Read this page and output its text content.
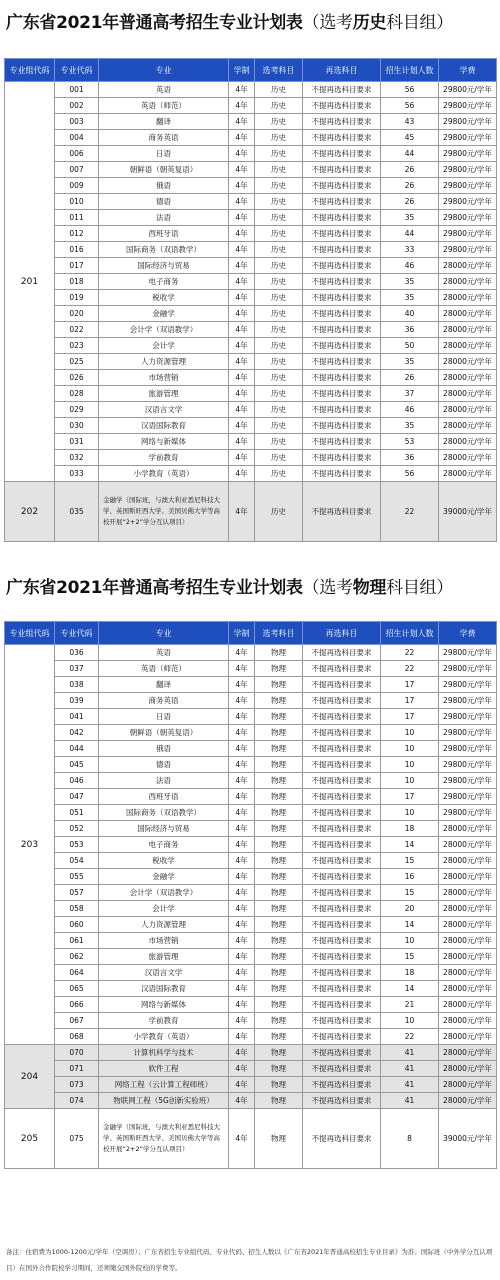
广东省2021年普通高考招生专业计划表（选考历史科目组）
专业组代码	专业代码	专业	学制	选考科目	再选科目	招生计划人数	学费
201	001	英语	4年	历史	不提再选科目要求	56	29800元/学年
	002	英语（师范）	4年	历史	不提再选科目要求	56	29800元/学年
	003	翻译	4年	历史	不提再选科目要求	43	29800元/学年
	004	商务英语	4年	历史	不提再选科目要求	45	29800元/学年
	006	日语	4年	历史	不提再选科目要求	44	29800元/学年
	007	朝鲜语（朝英复语）	4年	历史	不提再选科目要求	26	29800元/学年
	009	俄语	4年	历史	不提再选科目要求	26	29800元/学年
	010	德语	4年	历史	不提再选科目要求	26	29800元/学年
	011	法语	4年	历史	不提再选科目要求	35	29800元/学年
	012	西班牙语	4年	历史	不提再选科目要求	44	29800元/学年
	016	国际商务（双语教学）	4年	历史	不提再选科目要求	33	29800元/学年
	017	国际经济与贸易	4年	历史	不提再选科目要求	46	28000元/学年
	018	电子商务	4年	历史	不提再选科目要求	35	28000元/学年
	019	税收学	4年	历史	不提再选科目要求	35	28000元/学年
	020	金融学	4年	历史	不提再选科目要求	40	28000元/学年
	022	会计学（双语教学）	4年	历史	不提再选科目要求	36	28000元/学年
	023	会计学	4年	历史	不提再选科目要求	50	28000元/学年
	025	人力资源管理	4年	历史	不提再选科目要求	35	28000元/学年
	026	市场营销	4年	历史	不提再选科目要求	26	28000元/学年
	028	旅游管理	4年	历史	不提再选科目要求	37	28000元/学年
	029	汉语言文学	4年	历史	不提再选科目要求	46	28000元/学年
	030	汉语国际教育	4年	历史	不提再选科目要求	35	28000元/学年
	031	网络与新媒体	4年	历史	不提再选科目要求	53	28000元/学年
	032	学前教育	4年	历史	不提再选科目要求	36	28000元/学年
	033	小学教育（英语）	4年	历史	不提再选科目要求	56	28000元/学年
202	035	金融学（国际班，与澳大利亚悉尼科技大学、英国斯旺西大学、美国贝佛大学等高校开展“2+2”学分互认项目）	4年	历史	不提再选科目要求	22	39000元/学年
广东省2021年普通高考招生专业计划表（选考物理科目组）
专业组代码	专业代码	专业	学制	选考科目	再选科目	招生计划人数	学费
203	036	英语	4年	物理	不提再选科目要求	22	29800元/学年
	037	英语（师范）	4年	物理	不提再选科目要求	22	29800元/学年
	038	翻译	4年	物理	不提再选科目要求	17	29800元/学年
	039	商务英语	4年	物理	不提再选科目要求	17	29800元/学年
	041	日语	4年	物理	不提再选科目要求	17	29800元/学年
	042	朝鲜语（朝英复语）	4年	物理	不提再选科目要求	10	29800元/学年
	044	俄语	4年	物理	不提再选科目要求	10	29800元/学年
	045	德语	4年	物理	不提再选科目要求	10	29800元/学年
	046	法语	4年	物理	不提再选科目要求	10	29800元/学年
	047	西班牙语	4年	物理	不提再选科目要求	17	29800元/学年
	051	国际商务（双语教学）	4年	物理	不提再选科目要求	10	29800元/学年
	052	国际经济与贸易	4年	物理	不提再选科目要求	18	28000元/学年
	053	电子商务	4年	物理	不提再选科目要求	14	28000元/学年
	054	税收学	4年	物理	不提再选科目要求	15	28000元/学年
	055	金融学	4年	物理	不提再选科目要求	16	28000元/学年
	057	会计学（双语教学）	4年	物理	不提再选科目要求	15	28000元/学年
	058	会计学	4年	物理	不提再选科目要求	20	28000元/学年
	060	人力资源管理	4年	物理	不提再选科目要求	14	28000元/学年
	061	市场营销	4年	物理	不提再选科目要求	10	28000元/学年
	062	旅游管理	4年	物理	不提再选科目要求	15	28000元/学年
	064	汉语言文学	4年	物理	不提再选科目要求	18	28000元/学年
	065	汉语国际教育	4年	物理	不提再选科目要求	14	28000元/学年
	066	网络与新媒体	4年	物理	不提再选科目要求	21	28000元/学年
	067	学前教育	4年	物理	不提再选科目要求	10	28000元/学年
	068	小学教育（英语）	4年	物理	不提再选科目要求	22	28000元/学年
204	070	计算机科学与技术	4年	物理	不提再选科目要求	41	28000元/学年
	071	软件工程	4年	物理	不提再选科目要求	41	28000元/学年
	073	网络工程（云计算工程师班）	4年	物理	不提再选科目要求	41	28000元/学年
	074	物联网工程（5G创新实验班）	4年	物理	不提再选科目要求	41	28000元/学年
205	075	金融学（国际班，与澳大利亚悉尼科技大学、英国斯旺西大学、美国贝佛大学等高校开展“2+2”学分互认项目）	4年	物理	不提再选科目要求	8	39000元/学年
备注：住宿费为1000-1200元/学年（空调房）；广东省招生专业组代码、专业代码、招生人数以《广东省2021年普通高校招生专业目录》为准；国际班（中外学分互认项目）在国外合作院校学习期间，还须缴交国外院校的学费等。
